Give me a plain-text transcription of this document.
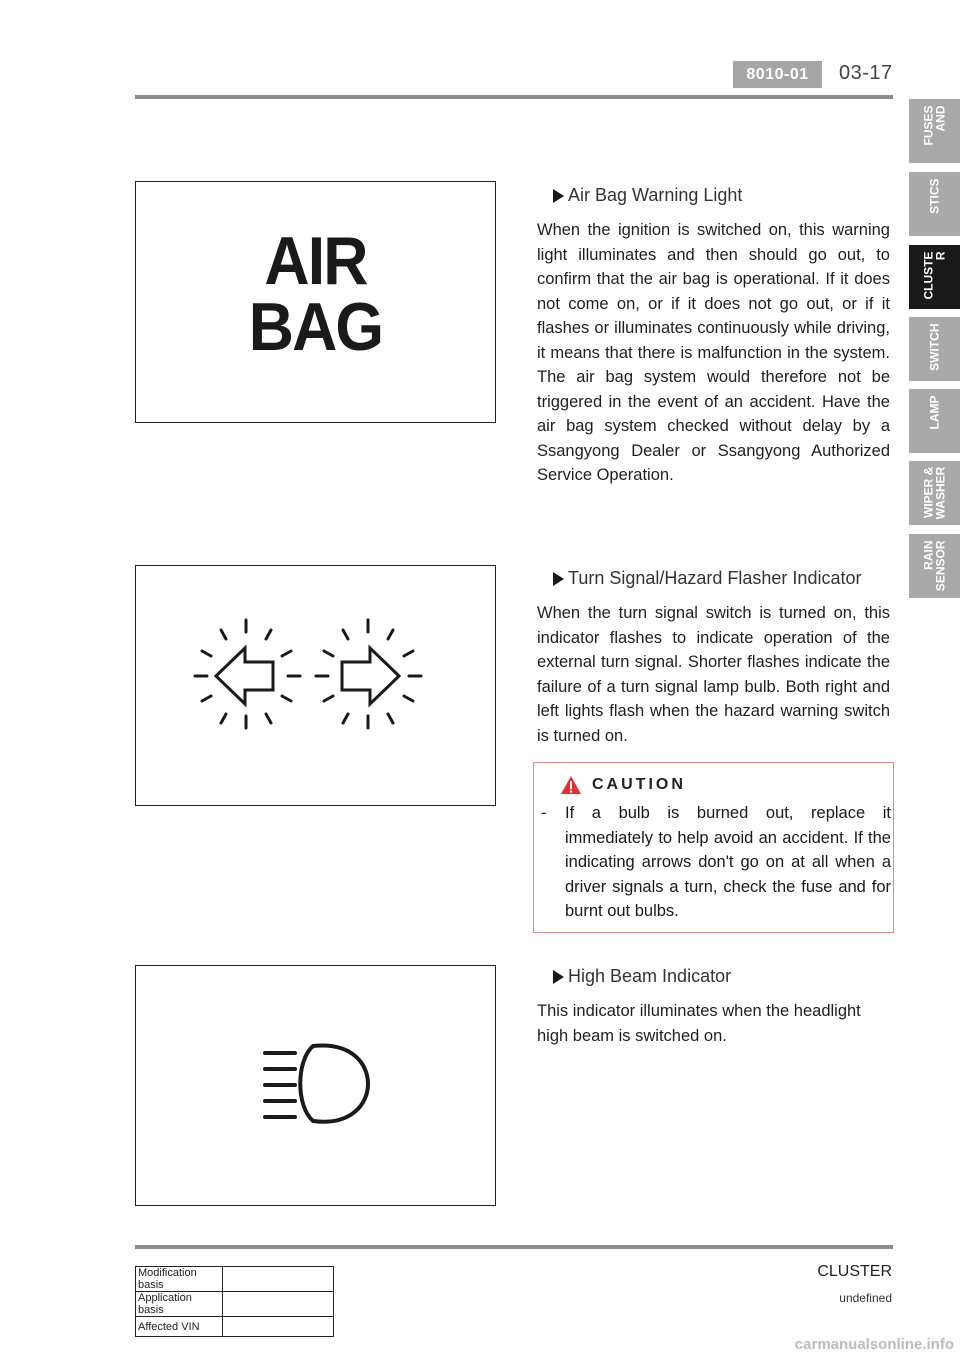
8010-01	03-17
FUSES
AND
STICS
CLUSTE
R
SWITCH
LAMP
WIPER &
WASHER
RAIN
SENSOR
AIR
BAG
Air Bag Warning Light
When the ignition is switched on, this warning light illuminates and then should go out, to confirm that the air bag is operational. If it does not come on, or if it does not go out, or if it flashes or illuminates continuously while driving, it means that there is malfunction in the system. The air bag system would therefore not be triggered in the event of an accident. Have the air bag system checked without delay by a Ssangyong Dealer or Ssangyong Authorized Service Operation.
Turn Signal/Hazard Flasher Indicator
When the turn signal switch is turned on, this indicator flashes to indicate operation of the external turn signal. Shorter flashes indicate the failure of a turn signal lamp bulb. Both right and left lights flash when the hazard warning switch is turned on.
CAUTION
-	If a bulb is burned out, replace it immediately to help avoid an accident. If the indicating arrows don't go on at all when a driver signals a turn, check the fuse and for burnt out bulbs.
High Beam Indicator
This indicator illuminates when the headlight high beam is switched on.
CLUSTER
undefined
Modification basis	
Application basis	
Affected VIN	
carmanualsonline.info
